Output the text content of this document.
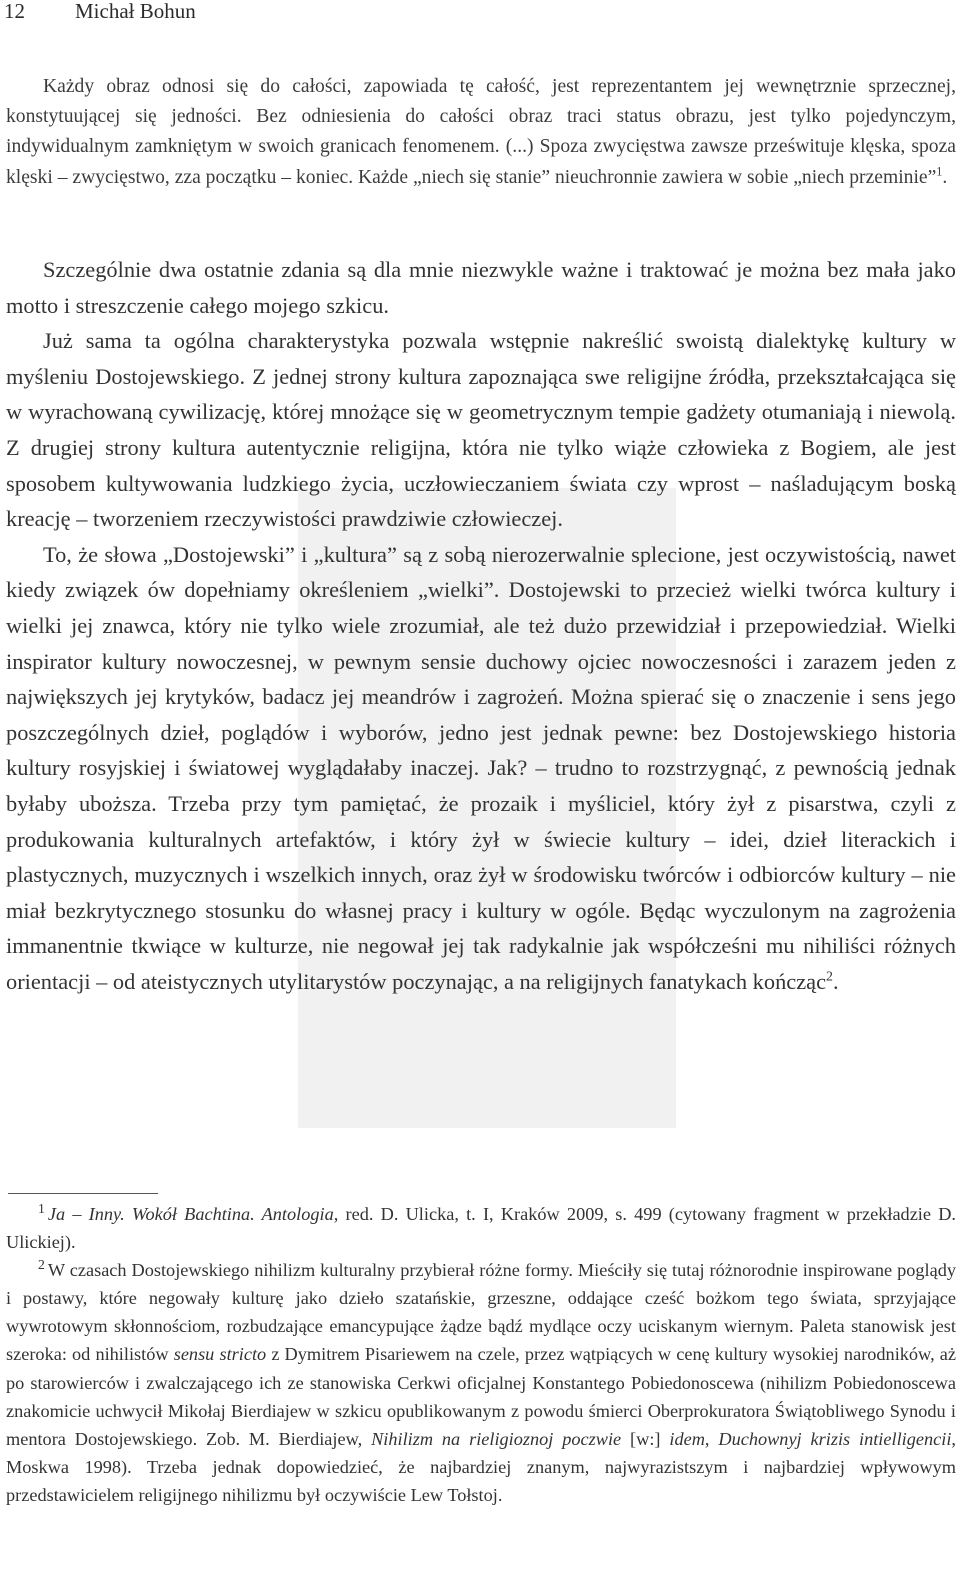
12 Michał Bohun
Każdy obraz odnosi się do całości, zapowiada tę całość, jest reprezentantem jej wewnętrznie sprzecznej, konstytuującej się jedności. Bez odniesienia do całości obraz traci status obrazu, jest tylko pojedynczym, indywidualnym zamkniętym w swoich granicach fenomenem. (...) Spoza zwycięstwa zawsze prześwituje klęska, spoza klęski – zwycięstwo, zza początku – koniec. Każde „niech się stanie” nieuchronnie zawiera w sobie „niech przeminie”$^1$.

Szczególnie dwa ostatnie zdania są dla mnie niezwykle ważne i traktować je można bez mała jako motto i streszczenie całego mojego szkicu.

Już sama ta ogólna charakterystyka pozwala wstępnie nakreślić swoistą dialektykę kultury w myśleniu Dostojewskiego. Z jednej strony kultura zapoznająca swe religijne źródła, przekształcająca się w wyrachowaną cywilizację, której mnożące się w geometrycznym tempie gadżety otumaniają i niewolą. Z drugiej strony kultura autentycznie religijna, która nie tylko wiąże człowieka z Bogiem, ale jest sposobem kultywowania ludzkiego życia, uczłowieczaniem świata czy wprost – naśladującym boską kreację – tworzeniem rzeczywistości prawdziwie człowieczej.

To, że słowa „Dostojewski” i „kultura” są z sobą nierozerwalnie splecione, jest oczywistością, nawet kiedy związek ów dopełniamy określeniem „wielki”. Dostojewski to przecież wielki twórca kultury i wielki jej znawca, który nie tylko wiele zrozumiał, ale też dużo przewidział i przepowiedział. Wielki inspirator kultury nowoczesnej, w pewnym sensie duchowy ojciec nowoczesności i zarazem jeden z największych jej krytyków, badacz jej meandrów i zagrożeń. Można spierać się o znaczenie i sens jego poszczególnych dzieł, poglądów i wyborów, jedno jest jednak pewne: bez Dostojewskiego historia kultury rosyjskiej i światowej wyglądałaby inaczej. Jak? – trudno to rozstrzygnąć, z pewnością jednak byłaby uboższa. Trzeba przy tym pamiętać, że prozaik i myśliciel, który żył z pisarstwa, czyli z produkowania kulturalnych artefaktów, i który żył w świecie kultury – idei, dzieł literackich i plastycznych, muzycznych i wszelkich innych, oraz żył w środowisku twórców i odbiorców kultury – nie miał bezkrytycznego stosunku do własnej pracy i kultury w ogóle. Będąc wyczulonym na zagrożenia immanentnie tkwiące w kulturze, nie negował jej tak radykalnie jak współcześni mu nihiliści różnych orientacji – od ateistycznych utylitarystów poczynając, a na religijnych fanatykach kończąc$^2$.

$^1$ Ja – Inny. Wokół Bachtina. Antologia, red. D. Ulicka, t. I, Kraków 2009, s. 499 (cytowany fragment w przekładzie D. Ulickiej).

$^2$ W czasach Dostojewskiego nihilizm kulturalny przybierał różne formy. Mieściły się tutaj różnorodnie inspirowane poglądy i postawy, które negowały kulturę jako dzieło szatańskie, grzeszne, oddające cześć bożkom tego świata, sprzyjające wywrotowym skłonnościom, rozbudzające emancypujące żądze bądź mydlące oczy uciskanym wiernym. Paleta stanowisk jest szeroka: od nihilistów sensu stricto z Dymitrem Pisariewem na czele, przez wątpiących w cenę kultury wysokiej narodników, aż po starowierców i zwalczającego ich ze stanowiska Cerkwi oficjalnej Konstantego Pobiedonoscewa (nihilizm Pobiedonoscewa znakomicie uchwycił Mikołaj Bierdiajew w szkicu opublikowanym z powodu śmierci Oberprokuratora Świątobliwego Synodu i mentora Dostojewskiego. Zob. M. Bierdiajew, Nihilizm na rieligioznoj poczwie [w:] idem, Duchownyj krizis intielligencii, Moskwa 1998). Trzeba jednak dopowiedzieć, że najbardziej znanym, najwyrazistszym i najbardziej wpływowym przedstawicielem religijnego nihilizmu był oczywiście Lew Tołstoj.
